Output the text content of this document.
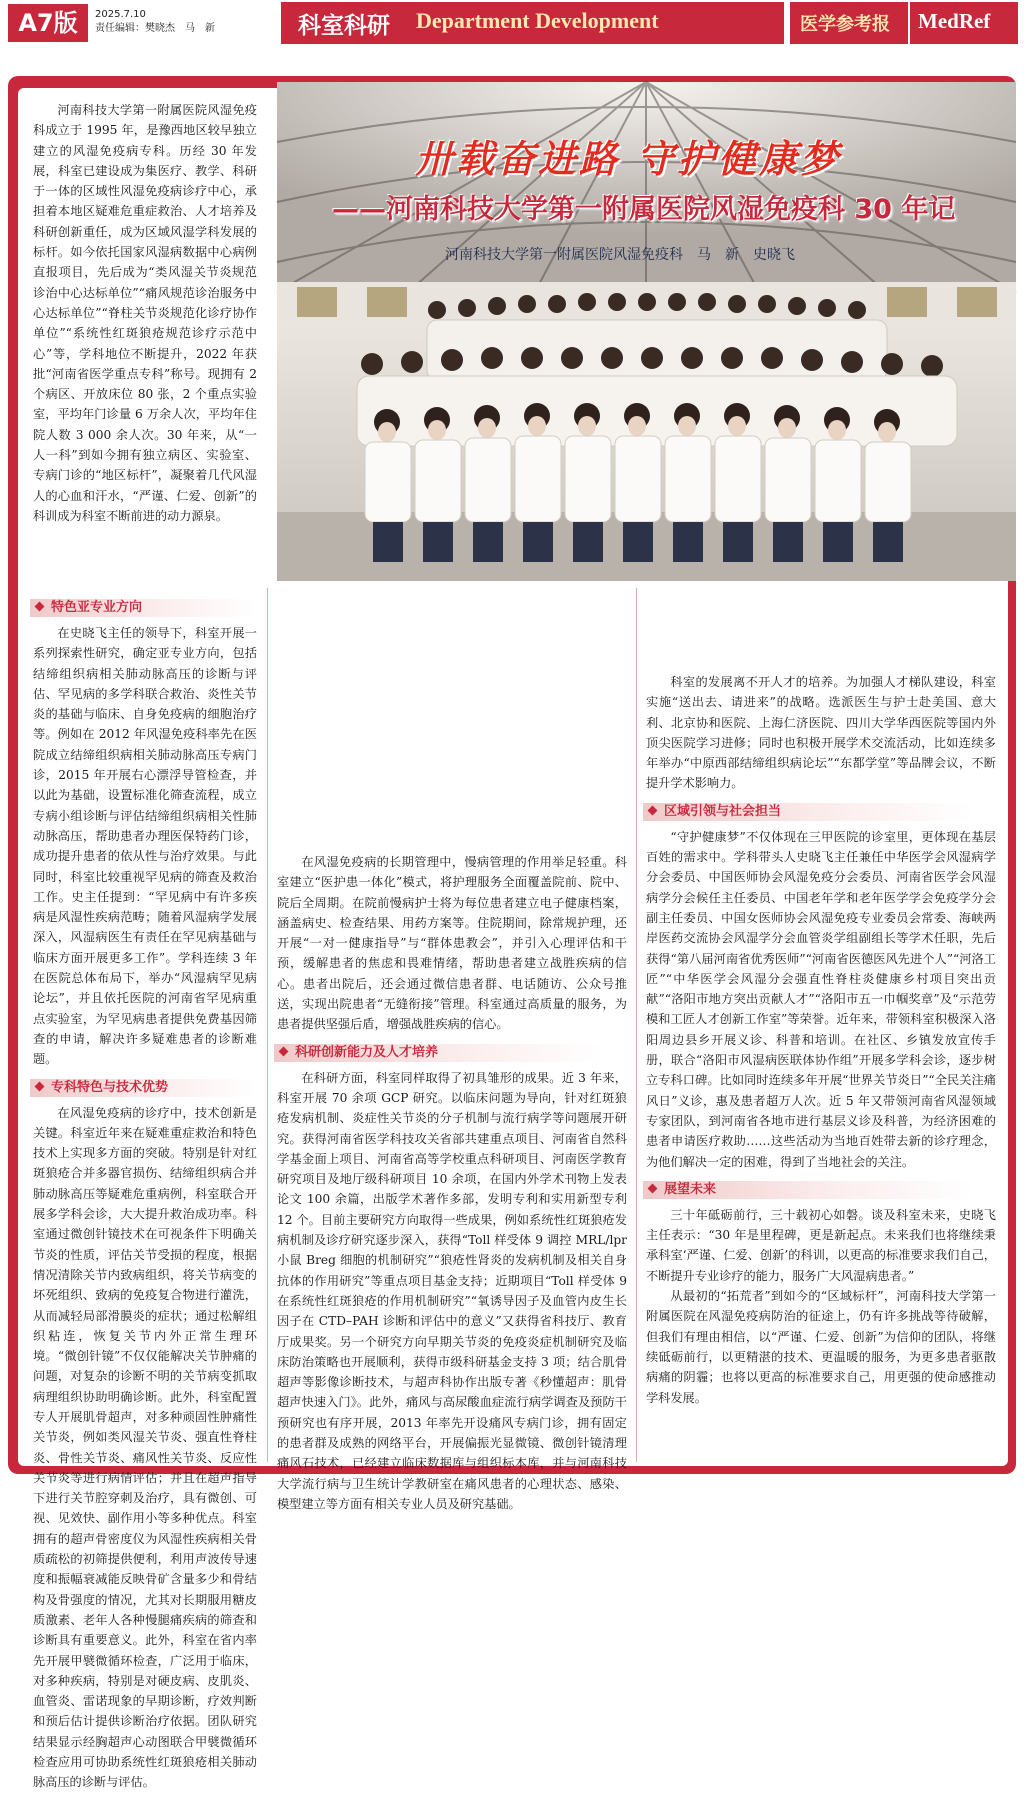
A7版	2025.7.10
责任编辑：樊晓杰　马　新	科室科研 Department Development	医学参考报 MedRef
卅载奋进路 守护健康梦
——河南科技大学第一附属医院风湿免疫科 30 年记
河南科技大学第一附属医院风湿免疫科　马　新　史晓飞

河南科技大学第一附属医院风湿免疫科成立于 1995 年，是豫西地区较早独立建立的风湿免疫病专科。历经 30 年发展，科室已建设成为集医疗、教学、科研于一体的区域性风湿免疫病诊疗中心，承担着本地区疑难危重症救治、人才培养及科研创新重任，成为区域风湿学科发展的标杆。如今依托国家风湿病数据中心病例直报项目，先后成为“类风湿关节炎规范诊治中心达标单位”“痛风规范诊治服务中心达标单位”“脊柱关节炎规范化诊疗协作单位”“系统性红斑狼疮规范诊疗示范中心”等，学科地位不断提升，2022 年获批“河南省医学重点专科”称号。现拥有 2 个病区、开放床位 80 张，2 个重点实验室，平均年门诊量 6 万余人次，平均年住院人数 3 000 余人次。30 年来，从“一人一科”到如今拥有独立病区、实验室、专病门诊的“地区标杆”，凝聚着几代风湿人的心血和汗水，“严谨、仁爱、创新”的科训成为科室不断前进的动力源泉。

特色亚专业方向

在史晓飞主任的领导下，科室开展一系列探索性研究，确定亚专业方向，包括结缔组织病相关肺动脉高压的诊断与评估、罕见病的多学科联合救治、炎性关节炎的基础与临床、自身免疫病的细胞治疗等。例如在 2012 年风湿免疫科率先在医院成立结缔组织病相关肺动脉高压专病门诊，2015 年开展右心漂浮导管检查，并以此为基础，设置标准化筛查流程，成立专病小组诊断与评估结缔组织病相关性肺动脉高压，帮助患者办理医保特药门诊，成功提升患者的依从性与治疗效果。与此同时，科室比较重视罕见病的筛查及救治工作。史主任提到：“罕见病中有许多疾病是风湿性疾病范畴；随着风湿病学发展深入，风湿病医生有责任在罕见病基础与临床方面开展更多工作”。学科连续 3 年在医院总体布局下，举办“风湿病罕见病论坛”，并且依托医院的河南省罕见病重点实验室，为罕见病患者提供免费基因筛查的申请，解决许多疑难患者的诊断难题。

专科特色与技术优势

在风湿免疫病的诊疗中，技术创新是关键。科室近年来在疑难重症救治和特色技术上实现多方面的突破。特别是针对红斑狼疮合并多器官损伤、结缔组织病合并肺动脉高压等疑难危重病例，科室联合开展多学科会诊，大大提升救治成功率。科室通过微创针镜技术在可视条件下明确关节炎的性质，评估关节受损的程度，根据情况清除关节内致病组织，将关节病变的坏死组织、致病的免疫复合物进行灌洗，从而减轻局部滑膜炎的症状；通过松解组织粘连，恢复关节内外正常生理环境。“微创针镜”不仅仅能解决关节肿痛的问题，对复杂的诊断不明的关节病变抓取病理组织协助明确诊断。此外，科室配置专人开展肌骨超声，对多种顽固性肿痛性关节炎，例如类风湿关节炎、强直性脊柱炎、骨性关节炎、痛风性关节炎、反应性关节炎等进行病情评估；并且在超声指导下进行关节腔穿刺及治疗，具有微创、可视、见效快、副作用小等多种优点。科室拥有的超声骨密度仪为风湿性疾病相关骨质疏松的初筛提供便利，利用声波传导速度和振幅衰减能反映骨矿含量多少和骨结构及骨强度的情况，尤其对长期服用糖皮质激素、老年人各种慢腿痛疾病的筛查和诊断具有重要意义。此外，科室在省内率先开展甲襞微循环检查，广泛用于临床，对多种疾病，特别是对硬皮病、皮肌炎、血管炎、雷诺现象的早期诊断，疗效判断和预后估计提供诊断治疗依据。团队研究结果显示经胸超声心动图联合甲襞微循环检查应用可协助系统性红斑狼疮相关肺动脉高压的诊断与评估。

在风湿免疫病的长期管理中，慢病管理的作用举足轻重。科室建立“医护患一体化”模式，将护理服务全面覆盖院前、院中、院后全周期。在院前慢病护士将为每位患者建立电子健康档案，涵盖病史、检查结果、用药方案等。住院期间，除常规护理，还开展“一对一健康指导”与“群体患教会”，并引入心理评估和干预，缓解患者的焦虑和畏难情绪，帮助患者建立战胜疾病的信心。患者出院后，还会通过微信患者群、电话随访、公众号推送，实现出院患者“无缝衔接”管理。科室通过高质量的服务，为患者提供坚强后盾，增强战胜疾病的信心。

科研创新能力及人才培养

在科研方面，科室同样取得了初具雏形的成果。近 3 年来，科室开展 70 余项 GCP 研究。以临床问题为导向，针对红斑狼疮发病机制、炎症性关节炎的分子机制与流行病学等问题展开研究。获得河南省医学科技攻关省部共建重点项目、河南省自然科学基金面上项目、河南省高等学校重点科研项目、河南医学教育研究项目及地厅级科研项目 10 余项，在国内外学术刊物上发表论文 100 余篇，出版学术著作多部，发明专利和实用新型专利 12 个。目前主要研究方向取得一些成果，例如系统性红斑狼疮发病机制及诊疗研究逐步深入，获得“Toll 样受体 9 调控 MRL/lpr 小鼠 Breg 细胞的机制研究”“狼疮性肾炎的发病机制及相关自身抗体的作用研究”等重点项目基金支持；近期项目“Toll 样受体 9 在系统性红斑狼疮的作用机制研究”“氧诱导因子及血管内皮生长因子在 CTD–PAH 诊断和评估中的意义”又获得省科技厅、教育厅成果奖。另一个研究方向早期关节炎的免疫炎症机制研究及临床防治策略也开展顺利，获得市级科研基金支持 3 项；结合肌骨超声等影像诊断技术，与超声科协作出版专著《秒懂超声：肌骨超声快速入门》。此外，痛风与高尿酸血症流行病学调查及预防干预研究也有序开展，2013 年率先开设痛风专病门诊，拥有固定的患者群及成熟的网络平台，开展偏振光显微镜、微创针镜清理痛风石技术，已经建立临床数据库与组织标本库，并与河南科技大学流行病与卫生统计学教研室在痛风患者的心理状态、感染、模型建立等方面有相关专业人员及研究基础。

科室的发展离不开人才的培养。为加强人才梯队建设，科室实施“送出去、请进来”的战略。选派医生与护士赴美国、意大利、北京协和医院、上海仁济医院、四川大学华西医院等国内外顶尖医院学习进修；同时也积极开展学术交流活动，比如连续多年举办“中原西部结缔组织病论坛”“东都学堂”等品牌会议，不断提升学术影响力。

区域引领与社会担当

“守护健康梦”不仅体现在三甲医院的诊室里，更体现在基层百姓的需求中。学科带头人史晓飞主任兼任中华医学会风湿病学分会委员、中国医师协会风湿免疫分会委员、河南省医学会风湿病学分会候任主任委员、中国老年学和老年医学学会免疫学分会副主任委员、中国女医师协会风湿免疫专业委员会常委、海峡两岸医药交流协会风湿学分会血管炎学组副组长等学术任职，先后获得“第八届河南省优秀医师”“河南省医德医风先进个人”“河洛工匠”“中华医学会风湿分会强直性脊柱炎健康乡村项目突出贡献”“洛阳市地方突出贡献人才”“洛阳市五一巾帼奖章”及“示范劳模和工匠人才创新工作室”等荣誉。近年来，带领科室积极深入洛阳周边县乡开展义诊、科普和培训。在社区、乡镇发放宣传手册，联合“洛阳市风湿病医联体协作组”开展多学科会诊，逐步树立专科口碑。比如同时连续多年开展“世界关节炎日”“全民关注痛风日”义诊，惠及患者超万人次。近 5 年又带领河南省风湿领域专家团队，到河南省各地市进行基层义诊及科普，为经济困难的患者申请医疗救助……这些活动为当地百姓带去新的诊疗理念，为他们解决一定的困难，得到了当地社会的关注。

展望未来

三十年砥砺前行，三十载初心如磐。谈及科室未来，史晓飞主任表示：“30 年是里程碑，更是新起点。未来我们也将继续秉承科室‘严谨、仁爱、创新’的科训，以更高的标准要求我们自己，不断提升专业诊疗的能力，服务广大风湿病患者。”

从最初的“拓荒者”到如今的“区域标杆”，河南科技大学第一附属医院在风湿免疫病防治的征途上，仍有许多挑战等待破解，但我们有理由相信，以“严谨、仁爱、创新”为信仰的团队，将继续砥砺前行，以更精湛的技术、更温暖的服务，为更多患者驱散病痛的阴霾；也将以更高的标准要求自己，用更强的使命感推动学科发展。
